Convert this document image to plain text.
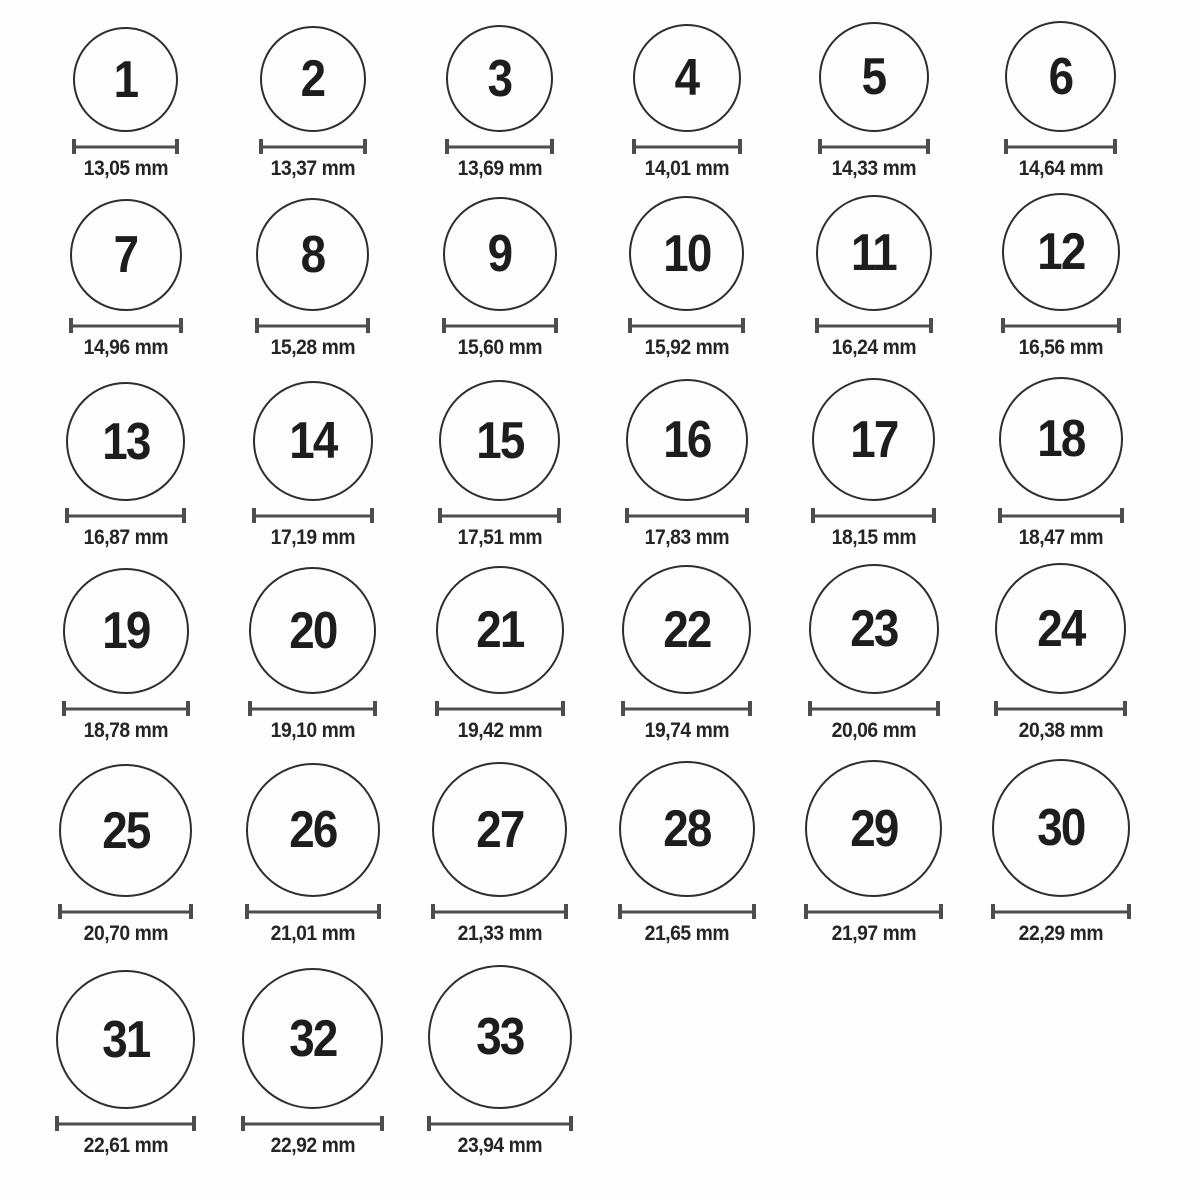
1
13,05 mm
2
13,37 mm
3
13,69 mm
4
14,01 mm
5
14,33 mm
6
14,64 mm
7
14,96 mm
8
15,28 mm
9
15,60 mm
10
15,92 mm
11
16,24 mm
12
16,56 mm
13
16,87 mm
14
17,19 mm
15
17,51 mm
16
17,83 mm
17
18,15 mm
18
18,47 mm
19
18,78 mm
20
19,10 mm
21
19,42 mm
22
19,74 mm
23
20,06 mm
24
20,38 mm
25
20,70 mm
26
21,01 mm
27
21,33 mm
28
21,65 mm
29
21,97 mm
30
22,29 mm
31
22,61 mm
32
22,92 mm
33
23,94 mm
